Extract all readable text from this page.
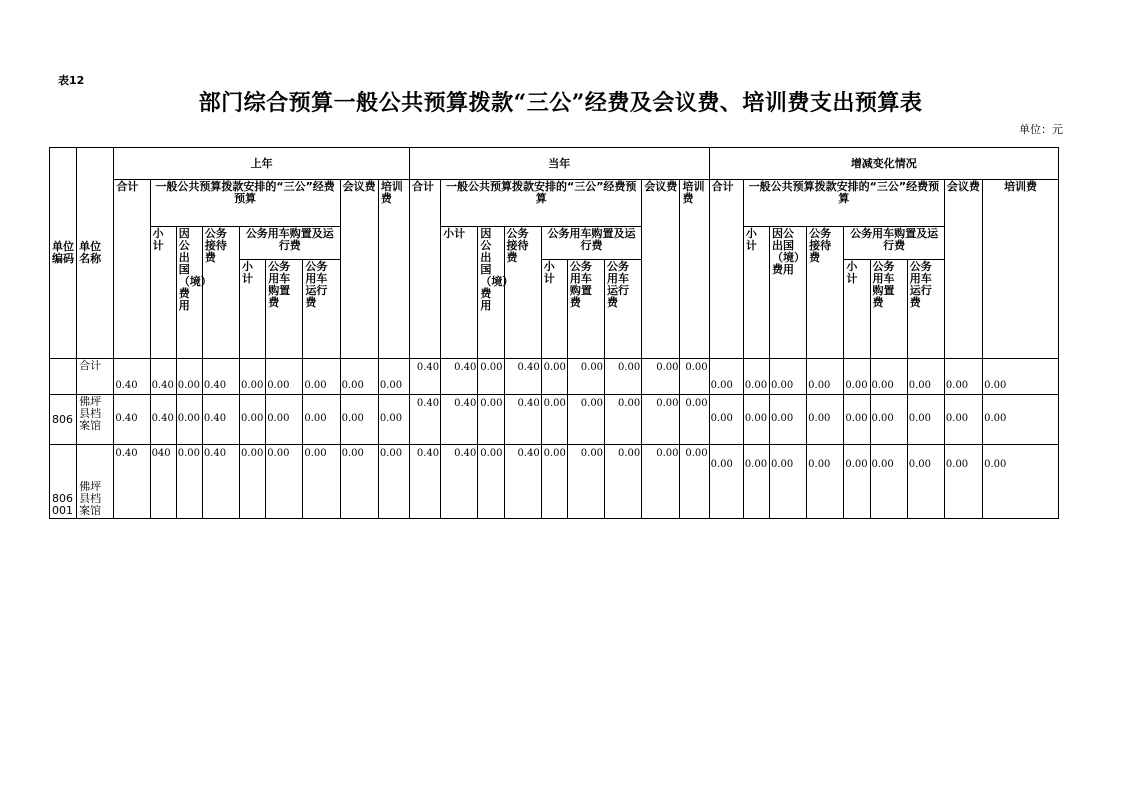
表12
部门综合预算一般公共预算拨款“三公”经费及会议费、培训费支出预算表
单位：元
单位编码	单位名称	上年									当年									增减变化情况								
		合计	一般公共预算拨款安排的“三公”经费预算						会议费	培训费	合计	一般公共预算拨款安排的“三公”经费预算						会议费	培训费	合计	一般公共预算拨款安排的“三公”经费预算						会议费	培训费
			小计	因公出国（境）费用	公务接待费	公务用车购置及运行费						小计	因公出国（境）费用	公务接待费	公务用车购置及运行费						小计	因公出国（境）费用	公务接待费	公务用车购置及运行费				
						小计	公务用车购置费	公务用车运行费							小计	公务用车购置费	公务用车运行费							小计	公务用车购置费	公务用车运行费		
	合计	0.40	0.40	0.00	0.40	0.00	0.00	0.00	0.00	0.00	0.40	0.40	0.00	0.40	0.00	0.00	0.00	0.00	0.00	0.00	0.00	0.00	0.00	0.00	0.00	0.00	0.00	0.00
806	佛坪县档案馆	0.40	0.40	0.00	0.40	0.00	0.00	0.00	0.00	0.00	0.40	0.40	0.00	0.40	0.00	0.00	0.00	0.00	0.00	0.00	0.00	0.00	0.00	0.00	0.00	0.00	0.00	0.00
806001	佛坪县档案馆	0.40	040	0.00	0.40	0.00	0.00	0.00	0.00	0.00	0.40	0.40	0.00	0.40	0.00	0.00	0.00	0.00	0.00	0.00	0.00	0.00	0.00	0.00	0.00	0.00	0.00	0.00
